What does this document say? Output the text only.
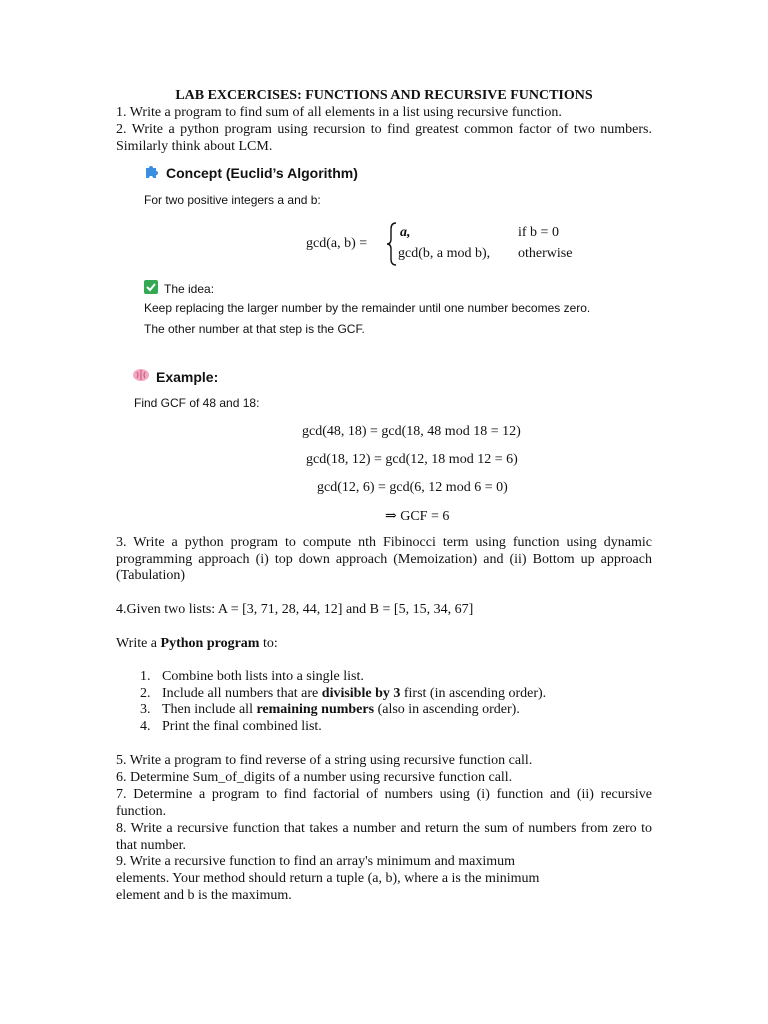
LAB EXCERCISES: FUNCTIONS AND RECURSIVE FUNCTIONS
1. Write a program to find sum of all elements in a list using recursive function.
2. Write a python program using recursion to find greatest common factor of two numbers. Similarly think about LCM.
Concept (Euclid’s Algorithm)
For two positive integers a and b:
gcd(a, b) =
a,	if b = 0
gcd(b, a mod b), otherwise
The idea:
Keep replacing the larger number by the remainder until one number becomes zero.
The other number at that step is the GCF.
Example:
Find GCF of 48 and 18:
gcd(48, 18) = gcd(18, 48 mod 18 = 12)
gcd(18, 12) = gcd(12, 18 mod 12 = 6)
gcd(12, 6) = gcd(6, 12 mod 6 = 0)
⇒ GCF = 6
3. Write a python program to compute nth Fibinocci term using function using dynamic programming approach (i) top down approach (Memoization) and (ii) Bottom up approach (Tabulation)
4.Given two lists: A = [3, 71, 28, 44, 12] and B = [5, 15, 34, 67]
Write a Python program to:
1. Combine both lists into a single list.
2. Include all numbers that are divisible by 3 first (in ascending order).
3. Then include all remaining numbers (also in ascending order).
4. Print the final combined list.
5. Write a program to find reverse of a string using recursive function call.
6. Determine Sum_of_digits of a number using recursive function call.
7. Determine a program to find factorial of numbers using (i) function and (ii) recursive function.
8. Write a recursive function that takes a number and return the sum of numbers from zero to that number.
9. Write a recursive function to find an array's minimum and maximum
elements. Your method should return a tuple (a, b), where a is the minimum
element and b is the maximum.
